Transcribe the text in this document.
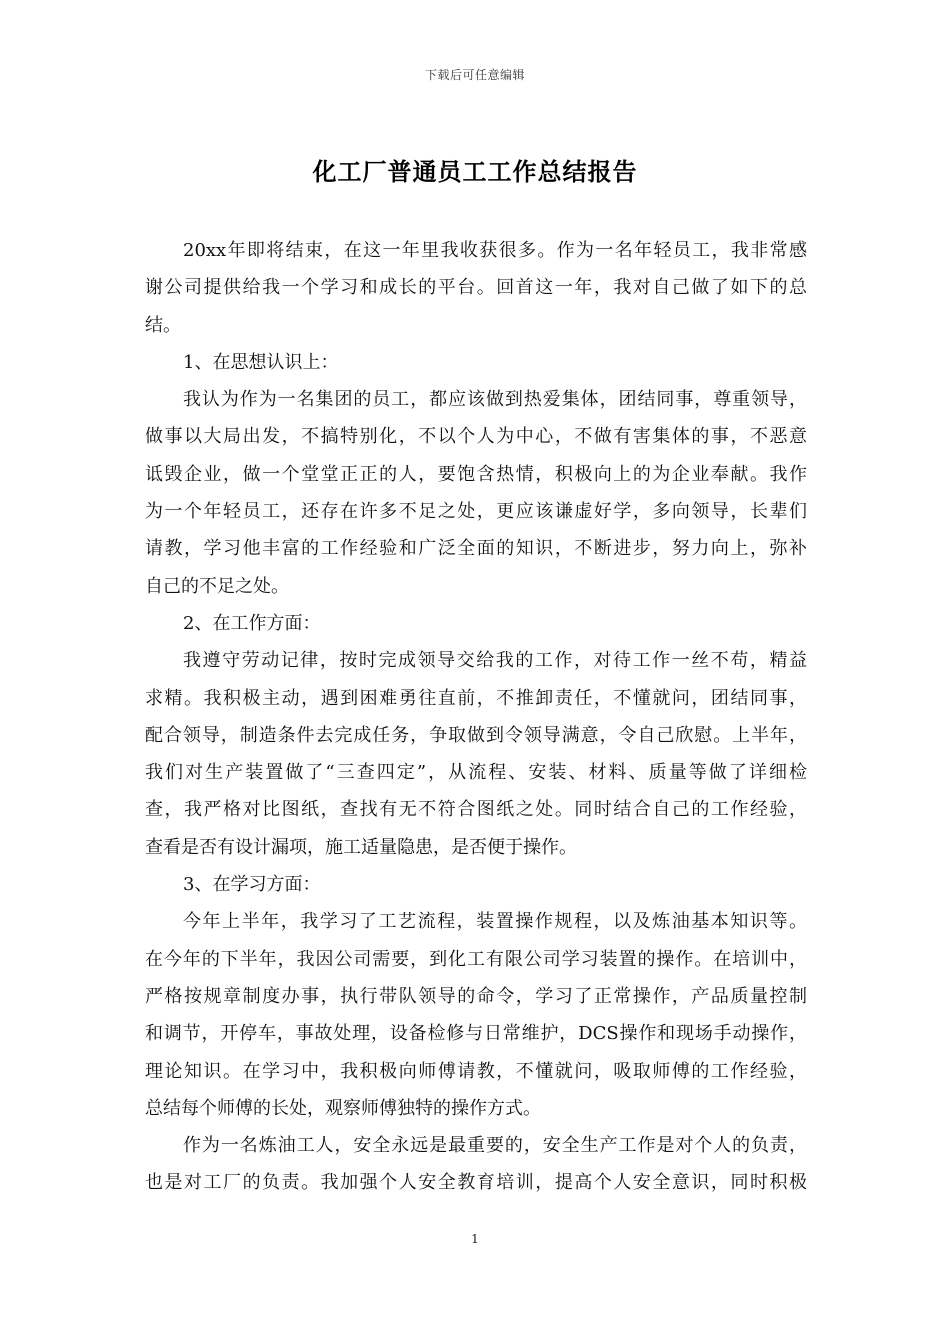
下载后可任意编辑
化工厂普通员工工作总结报告
20xx年即将结束，在这一年里我收获很多。作为一名年轻员工，我非常感
谢公司提供给我一个学习和成长的平台。回首这一年，我对自己做了如下的总
结。
1、在思想认识上：
我认为作为一名集团的员工，都应该做到热爱集体，团结同事，尊重领导，
做事以大局出发，不搞特别化，不以个人为中心，不做有害集体的事，不恶意
诋毁企业，做一个堂堂正正的人，要饱含热情，积极向上的为企业奉献。我作
为一个年轻员工，还存在许多不足之处，更应该谦虚好学，多向领导，长辈们
请教，学习他丰富的工作经验和广泛全面的知识，不断进步，努力向上，弥补
自己的不足之处。
2、在工作方面：
我遵守劳动记律，按时完成领导交给我的工作，对待工作一丝不苟，精益
求精。我积极主动，遇到困难勇往直前，不推卸责任，不懂就问，团结同事，
配合领导，制造条件去完成任务，争取做到令领导满意，令自己欣慰。上半年，
我们对生产装置做了“三查四定”，从流程、安装、材料、质量等做了详细检
查，我严格对比图纸，查找有无不符合图纸之处。同时结合自己的工作经验，
查看是否有设计漏项，施工适量隐患，是否便于操作。
3、在学习方面：
今年上半年，我学习了工艺流程，装置操作规程，以及炼油基本知识等。
在今年的下半年，我因公司需要，到化工有限公司学习装置的操作。在培训中，
严格按规章制度办事，执行带队领导的命令，学习了正常操作，产品质量控制
和调节，开停车，事故处理，设备检修与日常维护，DCS操作和现场手动操作，
理论知识。在学习中，我积极向师傅请教，不懂就问，吸取师傅的工作经验，
总结每个师傅的长处，观察师傅独特的操作方式。
作为一名炼油工人，安全永远是最重要的，安全生产工作是对个人的负责，
也是对工厂的负责。我加强个人安全教育培训，提高个人安全意识，同时积极
1
